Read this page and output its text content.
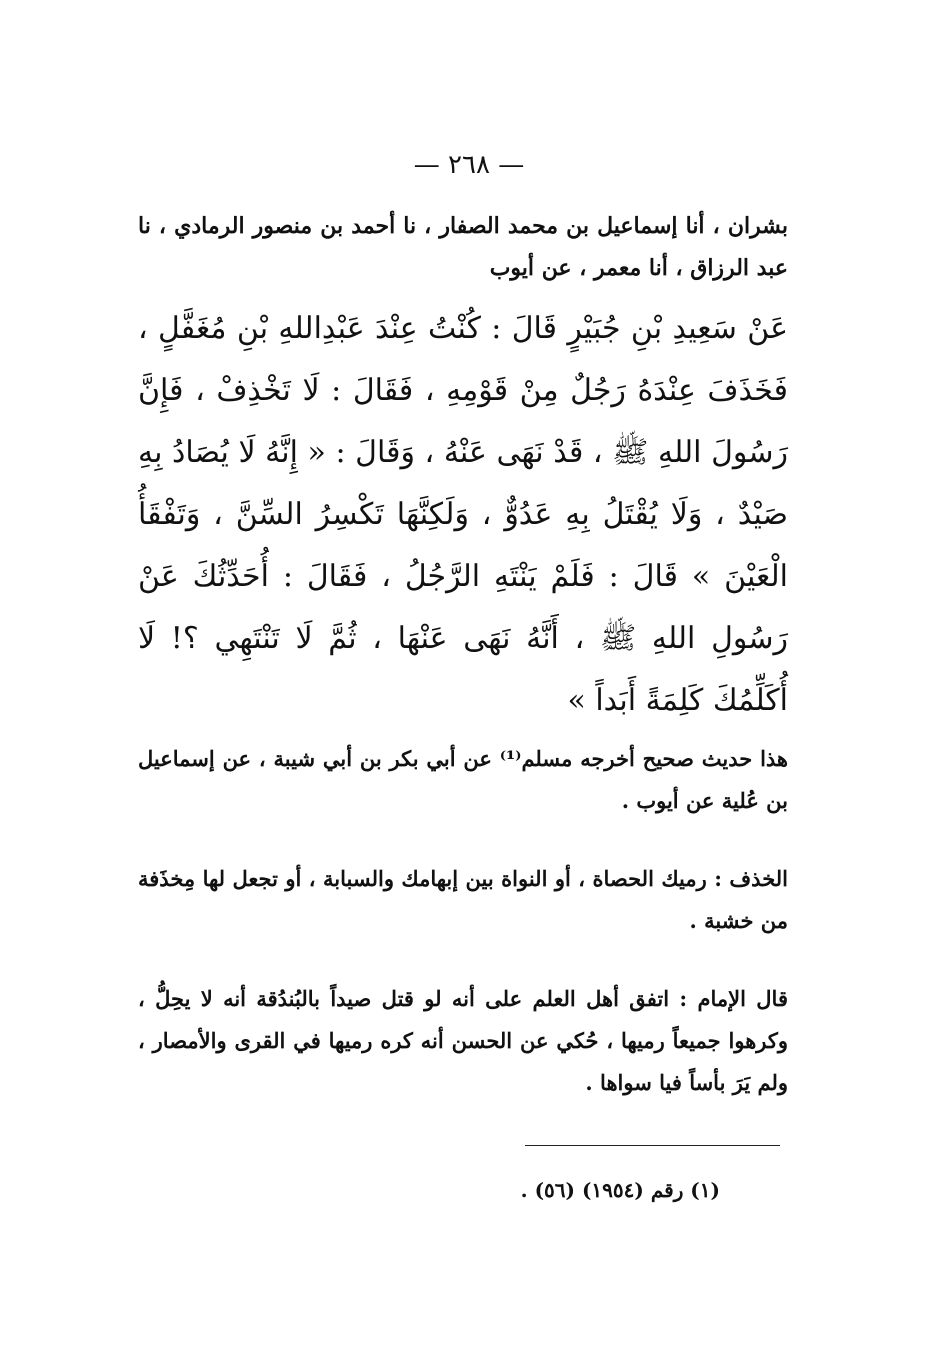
— ٢٦٨ —
بشران ، أنا إسماعيل بن محمد الصفار ، نا أحمد بن منصور الرمادي ، نا عبد الرزاق ، أنا معمر ، عن أيوب
عَنْ سَعِيدِ بْنِ جُبَيْرٍ قَالَ : كُنْتُ عِنْدَ عَبْدِاللهِ بْنِ مُغَفَّلٍ ، فَخَذَفَ عِنْدَهُ رَجُلٌ مِنْ قَوْمِهِ ، فَقَالَ : لَا تَخْذِفْ ، فَإِنَّ رَسُولَ اللهِ ﷺ ، قَدْ نَهَى عَنْهُ ، وَقَالَ : « إِنَّهُ لَا يُصَادُ بِهِ صَيْدٌ ، وَلَا يُقْتَلُ بِهِ عَدُوٌّ ، وَلَكِنَّهَا تَكْسِرُ السِّنَّ ، وَتَفْقَأُ الْعَيْنَ » قَالَ : فَلَمْ يَنْتَهِ الرَّجُلُ ، فَقَالَ : أُحَدِّثُكَ عَنْ رَسُولِ اللهِ ﷺ ، أَنَّهُ نَهَى عَنْهَا ، ثُمَّ لَا تَنْتَهِي ؟! لَا أُكَلِّمُكَ كَلِمَةً أَبَداً »
هذا حديث صحيح أخرجه مسلم⁽¹⁾ عن أبي بكر بن أبي شيبة ، عن إسماعيل بن عُلية عن أيوب .
الخذف : رميك الحصاة ، أو النواة بين إبهامك والسبابة ، أو تجعل لها مِخذَفة من خشبة .
قال الإمام : اتفق أهل العلم على أنه لو قتل صيداً بالبُندُقة أنه لا يحِلُّ ، وكرهوا جميعاً رميها ، حُكي عن الحسن أنه كره رميها في القرى والأمصار ، ولم يَرَ بأساً فيا سواها .
(١) رقم (١٩٥٤) (٥٦) .
